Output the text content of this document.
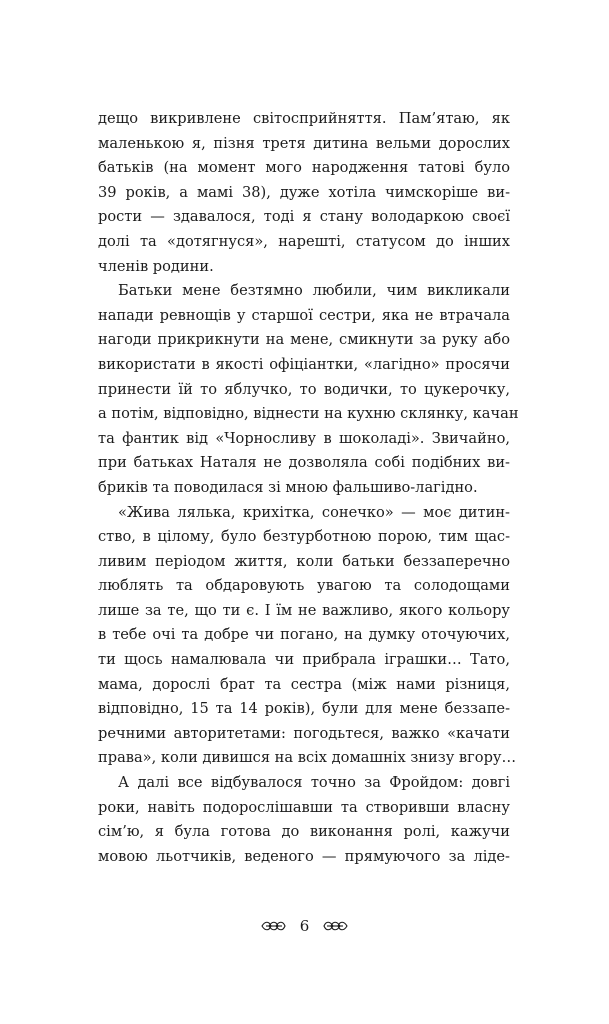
дещо викривлене світосприйняття. Пам’ятаю, як
маленькою я, пізня третя дитина вельми дорослих
батьків (на момент мого народження татові було
39 років, а мамі 38), дуже хотіла чимскоріше ви-
рости — здавалося, тоді я стану володаркою своєї
долі та «дотягнуся», нарешті, статусом до інших
членів родини.
Батьки мене безтямно любили, чим викликали
напади ревнощів у старшої сестри, яка не втрачала
нагоди прикрикнути на мене, смикнути за руку або
використати в якості офіціантки, «лагідно» просячи
принести їй то яблучко, то водички, то цукерочку,
а потім, відповідно, віднести на кухню склянку, качан
та фантик від «Чорносливу в шоколаді». Звичайно,
при батьках Наталя не дозволяла собі подібних ви-
бриків та поводилася зі мною фальшиво-лагідно.
«Жива лялька, крихітка, сонечко» — моє дитин-
ство, в цілому, було безтурботною порою, тим щас-
ливим періодом життя, коли батьки беззаперечно
люблять та обдаровують увагою та солодощами
лише за те, що ти є. І їм не важливо, якого кольору
в тебе очі та добре чи погано, на думку оточуючих,
ти щось намалювала чи прибрала іграшки… Тато,
мама, дорослі брат та сестра (між нами різниця,
відповідно, 15 та 14 років), були для мене беззапе-
речними авторитетами: погодьтеся, важко «качати
права», коли дивишся на всіх домашніх знизу вгору…
А далі все відбувалося точно за Фройдом: довгі
роки, навіть подорослішавши та створивши власну
сім’ю, я була готова до виконання ролі, кажучи
мовою льотчиків, веденого — прямуючого за ліде-
6
